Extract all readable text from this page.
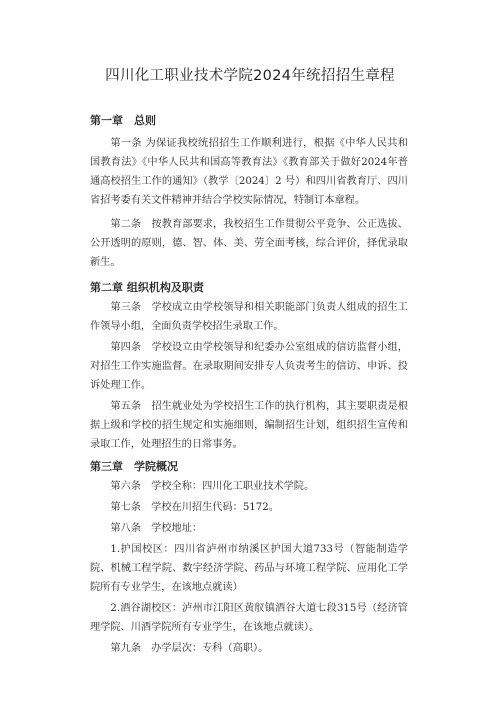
四川化工职业技术学院2024年统招招生章程

第一章　总则

第一条 为保证我校统招招生工作顺利进行，根据《中华人民共和国教育法》《中华人民共和国高等教育法》《教育部关于做好2024年普通高校招生工作的通知》（教学〔2024〕2 号）和四川省教育厅、四川省招考委有关文件精神并结合学校实际情况，特制订本章程。

第二条　按教育部要求，我校招生工作贯彻公平竞争、公正选拔、公开透明的原则，德、智、体、美、劳全面考核，综合评价，择优录取新生。

第二章 组织机构及职责

第三条　学校成立由学校领导和相关职能部门负责人组成的招生工作领导小组，全面负责学校招生录取工作。

第四条　学校设立由学校领导和纪委办公室组成的信访监督小组，对招生工作实施监督。在录取期间安排专人负责考生的信访、申诉、投诉处理工作。

第五条　招生就业处为学校招生工作的执行机构，其主要职责是根据上级和学校的招生规定和实施细则，编制招生计划，组织招生宣传和录取工作，处理招生的日常事务。

第三章　学院概况

第六条　学校全称：四川化工职业技术学院。

第七条　学校在川招生代码：5172。

第八条　学校地址：

1.护国校区：四川省泸州市纳溪区护国大道733号（智能制造学院、机械工程学院、数字经济学院、药品与环境工程学院、应用化工学院所有专业学生，在该地点就读）

2.酒谷湖校区：泸州市江阳区黄舣镇酒谷大道七段315号（经济管理学院、川酒学院所有专业学生，在该地点就读）。

第九条　办学层次：专科（高职）。
